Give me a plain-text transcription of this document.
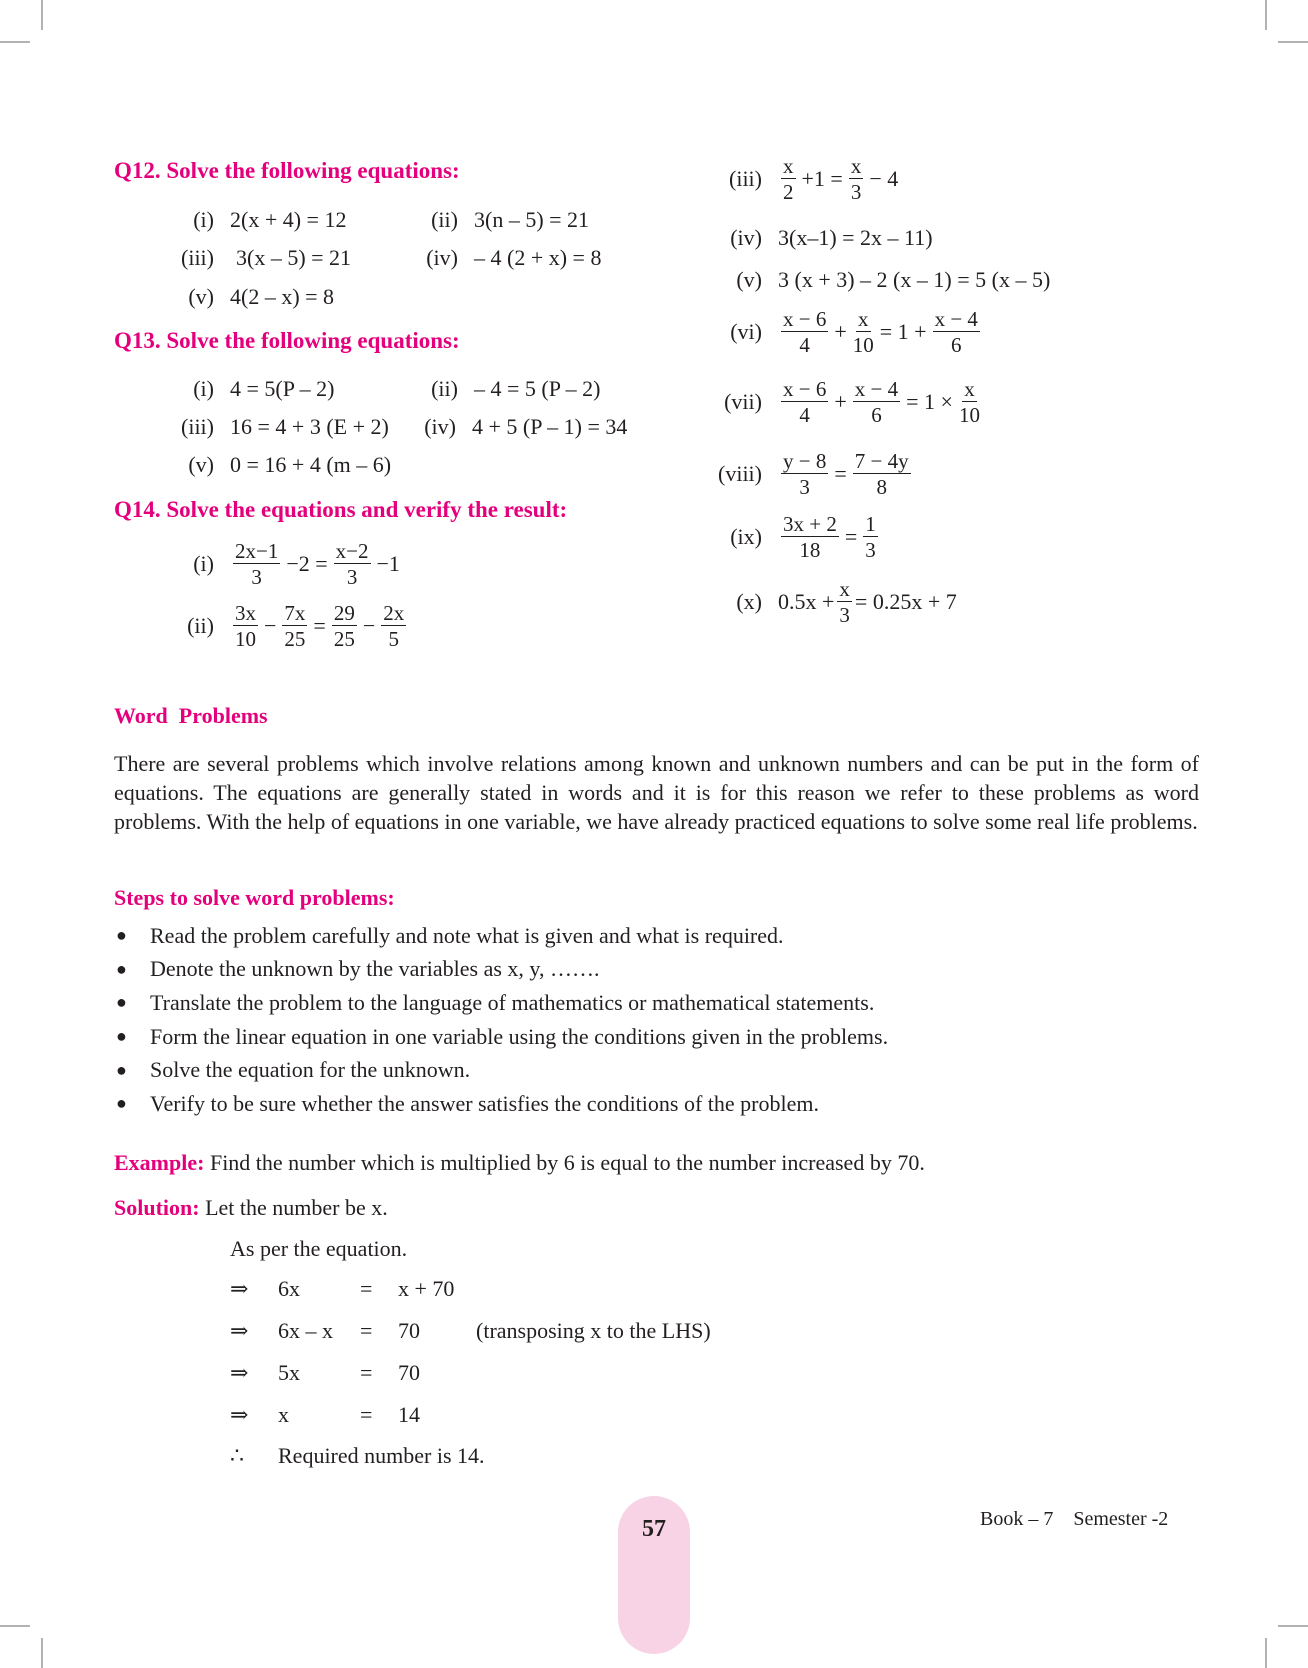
Q12. Solve the following equations:
(i) 2(x + 4) = 12	(ii) 3(n – 5) = 21
(iii) 3(x – 5) = 21	(iv) – 4 (2 + x) = 8
(v) 4(2 – x) = 8
Q13. Solve the following equations:
(i) 4 = 5(P – 2)	(ii) – 4 = 5 (P – 2)
(iii) 16 = 4 + 3 (E + 2) (iv) 4 + 5 (P – 1) = 34
(v) 0 = 16 + 4 (m – 6)
Q14. Solve the equations and verify the result:
$(i) \frac{2x-1}{3} -2 = \frac{x-2}{3} -1$
$(ii) \frac{3x}{10} - \frac{7x}{25} = \frac{29}{25} - \frac{2x}{5}$
$(iii) \frac{x}{2} +1 = \frac{x}{3} - 4$
(iv) 3(x–1) = 2x – 11)
(v) 3 (x + 3) – 2 (x – 1) = 5 (x – 5)
$(vi) \frac{x - 6}{4} + \frac{x}{10} = 1 + \frac{x - 4}{6}$
$(vii) \frac{x - 6}{4} + \frac{x - 4}{6} = 1 \times \frac{x}{10}$
(viii) $\frac{y - 8}{3} = \frac{7 - 4y}{8}$
$(ix) \frac{3x + 2}{18} = \frac{1}{3}$
(x) $0.5x + \frac{x}{3} = 0.25x + 7$
Word  Problems
There are several problems which involve relations among known and unknown numbers and can be put in the form of equations. The equations are generally stated in words and it is for this reason we refer to these problems as word problems. With the help of equations in one variable, we have already practiced equations to solve some real life problems.
Steps to solve word problems:
●	Read the problem carefully and note what is given and what is required.
●	Denote the unknown by the variables as x, y, …….
●	Translate the problem to the language of mathematics or mathematical statements.
●	Form the linear equation in one variable using the conditions given in the problems.
●	Solve the equation for the unknown.
●	Verify to be sure whether the answer satisfies the conditions of the problem.
Example: Find the number which is multiplied by 6 is equal to the number increased by 70.
Solution: Let the number be x.
As per the equation.
⇒	6x	=	x + 70
⇒	6x – x	=	70	(transposing x to the LHS)
⇒	5x	=	70
⇒	x	=	14
∴	Required number is 14.
57	Book – 7    Semester -2
